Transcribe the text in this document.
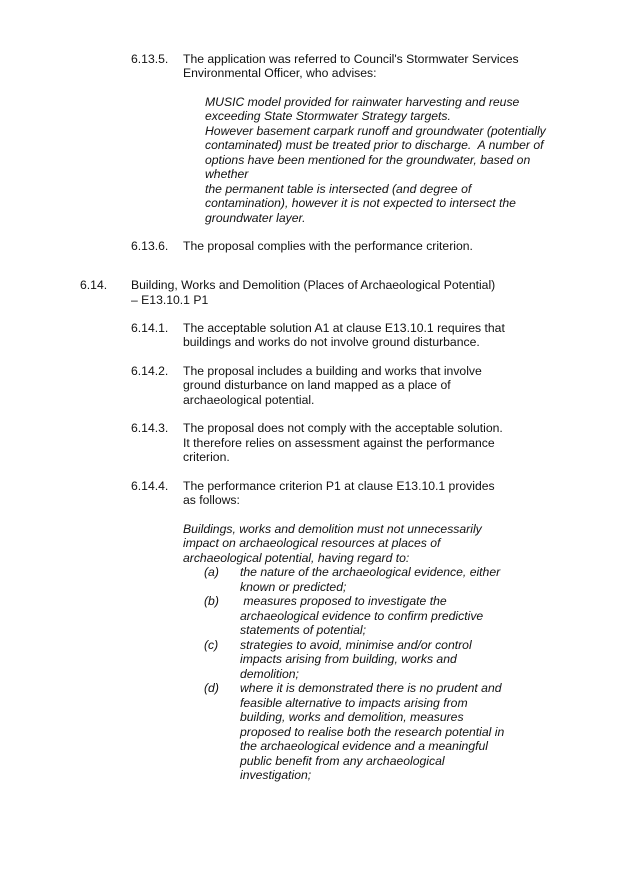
6.13.5. The application was referred to Council's Stormwater Services

Environmental Officer, who advises:

MUSIC model provided for rainwater harvesting and reuse

exceeding State Stormwater Strategy targets.

However basement carpark runoff and groundwater (potentially

contaminated) must be treated prior to discharge.  A number of

options have been mentioned for the groundwater, based on

whether

the permanent table is intersected (and degree of

contamination), however it is not expected to intersect the

groundwater layer.

6.13.6. The proposal complies with the performance criterion.

6.14. Building, Works and Demolition (Places of Archaeological Potential)

– E13.10.1 P1

6.14.1. The acceptable solution A1 at clause E13.10.1 requires that

buildings and works do not involve ground disturbance.

6.14.2. The proposal includes a building and works that involve

ground disturbance on land mapped as a place of

archaeological potential.

6.14.3. The proposal does not comply with the acceptable solution.

It therefore relies on assessment against the performance

criterion.

6.14.4. The performance criterion P1 at clause E13.10.1 provides

as follows:

Buildings, works and demolition must not unnecessarily

impact on archaeological resources at places of

archaeological potential, having regard to:

(a) the nature of the archaeological evidence, either

known or predicted;

(b) measures proposed to investigate the

archaeological evidence to confirm predictive

statements of potential;

(c) strategies to avoid, minimise and/or control

impacts arising from building, works and

demolition;

(d) where it is demonstrated there is no prudent and

feasible alternative to impacts arising from

building, works and demolition, measures

proposed to realise both the research potential in

the archaeological evidence and a meaningful

public benefit from any archaeological

investigation;
